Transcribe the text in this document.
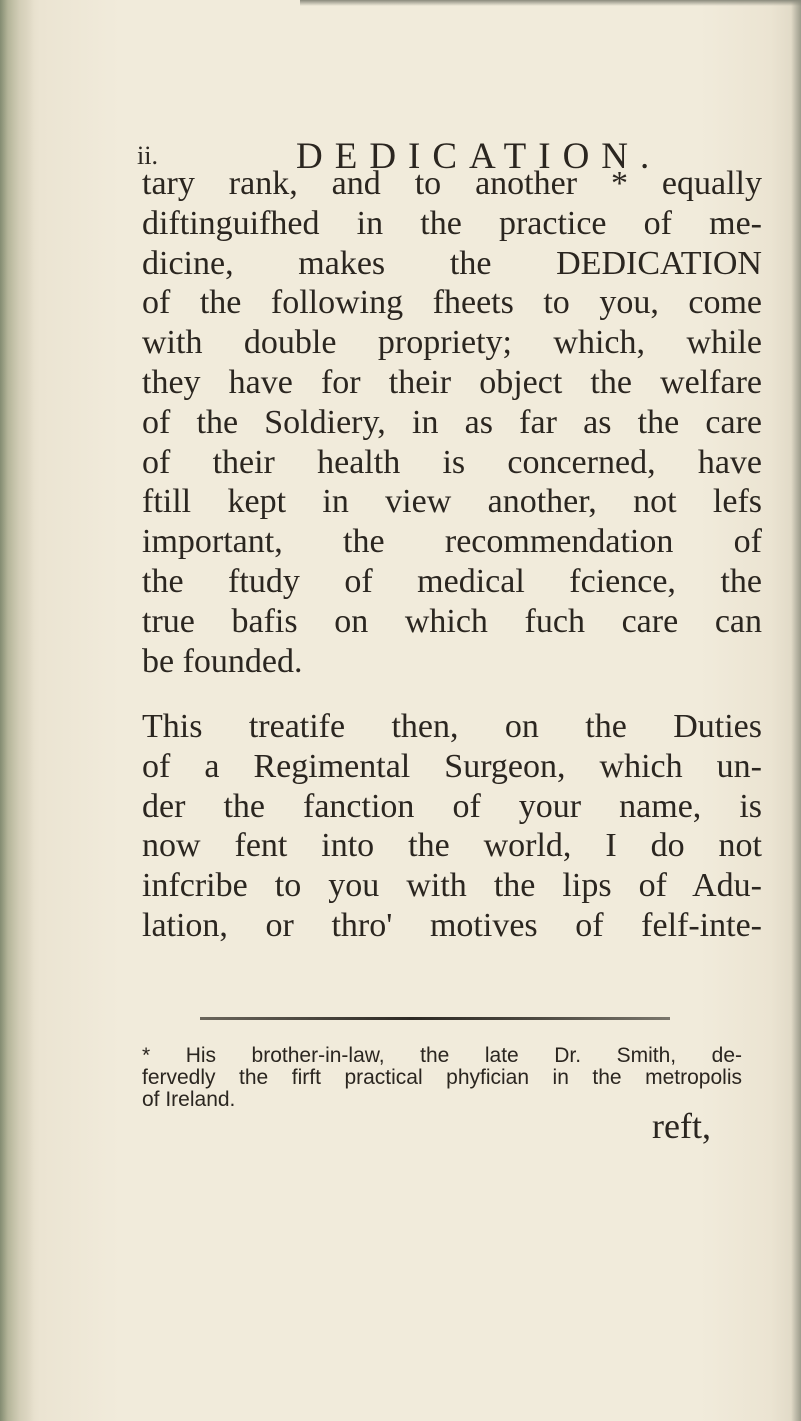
ii.	DEDICATION.
tary rank, and to another * equally
diftinguifhed in the practice of me-
dicine, makes the DEDICATION
of the following fheets to you, come
with double propriety; which, while
they have for their object the welfare
of the Soldiery, in as far as the care
of their health is concerned, have
ftill kept in view another, not lefs
important, the recommendation of
the ftudy of medical fcience, the
true bafis on which fuch care can
be founded.
This treatife then, on the Duties
of a Regimental Surgeon, which un-
der the fanction of your name, is
now fent into the world, I do not
infcribe to you with the lips of Adu-
lation, or thro' motives of felf-inte-
* His brother-in-law, the late Dr. Smith, de-
fervedly the firft practical phyfician in the metropolis
of Ireland.
reft,
